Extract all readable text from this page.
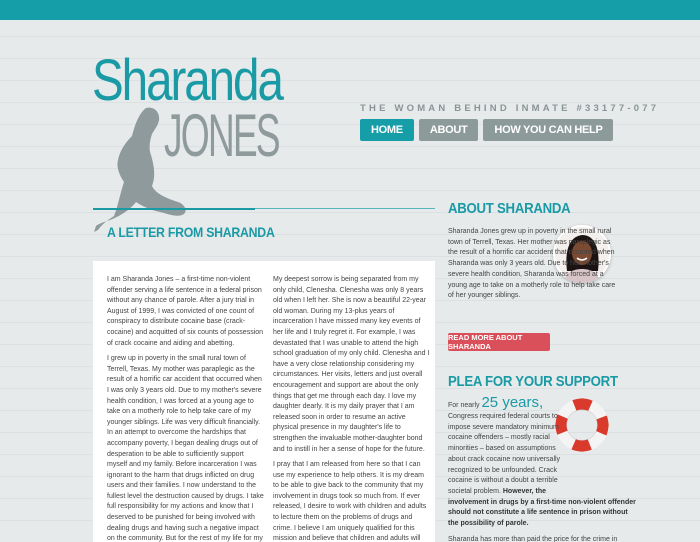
Sharanda
JONES	THE WOMAN BEHIND INMATE #33177-077
HOME	ABOUT	HOW YOU CAN HELP
A LETTER FROM SHARANDA

I am Sharanda Jones – a first-time non-violent offender serving a life sentence in a federal prison without any chance of parole. After a jury trial in August of 1999, I was convicted of one count of conspiracy to distribute cocaine base (crack-cocaine) and acquitted of six counts of possession of crack cocaine and aiding and abetting.

I grew up in poverty in the small rural town of Terrell, Texas. My mother was paraplegic as the result of a horrific car accident that occurred when I was only 3 years old. Due to my mother's severe health condition, I was forced at a young age to take on a motherly role to help take care of my younger siblings. Life was very difficult financially. In an attempt to overcome the hardships that accompany poverty, I began dealing drugs out of desperation to be able to sufficiently support myself and my family. Before incarceration I was ignorant to the harm that drugs inflicted on drug users and their families. I now understand to the fullest level the destruction caused by drugs. I take full responsibility for my actions and know that I deserved to be punished for being involved with dealing drugs and having such a negative impact on the community. But for the rest of my life for my

My deepest sorrow is being separated from my only child, Clenesha. Clenesha was only 8 years old when I left her. She is now a beautiful 22-year old woman. During my 13-plus years of incarceration I have missed many key events of her life and I truly regret it. For example, I was devastated that I was unable to attend the high school graduation of my only child. Clenesha and I have a very close relationship considering my circumstances. Her visits, letters and just overall encouragement and support are about the only things that get me through each day. I love my daughter dearly. It is my daily prayer that I am released soon in order to resume an active physical presence in my daughter's life to strengthen the invaluable mother-daughter bond and to instill in her a sense of hope for the future.

I pray that I am released from here so that I can use my experience to help others. It is my dream to be able to give back to the community that my involvement in drugs took so much from. If ever released, I desire to work with children and adults to lecture them on the problems of drugs and crime. I believe I am uniquely qualified for this mission and believe that children and adults will

ABOUT SHARANDA

Sharanda Jones grew up in poverty in the small rural town of Terrell, Texas. Her mother was paraplegic as the result of a horrific car accident that occurred when Sharanda was only 3 years old. Due to her mother's severe health condition, Sharanda was forced at a young age to take on a motherly role to help take care of her younger siblings.

READ MORE ABOUT SHARANDA
PLEA FOR YOUR SUPPORT
For nearly 25 years,

Congress required federal courts to impose severe mandatory minimum cocaine offenders – mostly racial minorities – based on assumptions about crack cocaine now universally recognized to be unfounded. Crack cocaine is without a doubt a terrible societal problem. However, the involvement in drugs by a first-time non-violent offender should not constitute a life sentence in prison without the possibility of parole.
Sharanda has more than paid the price for the crime in
